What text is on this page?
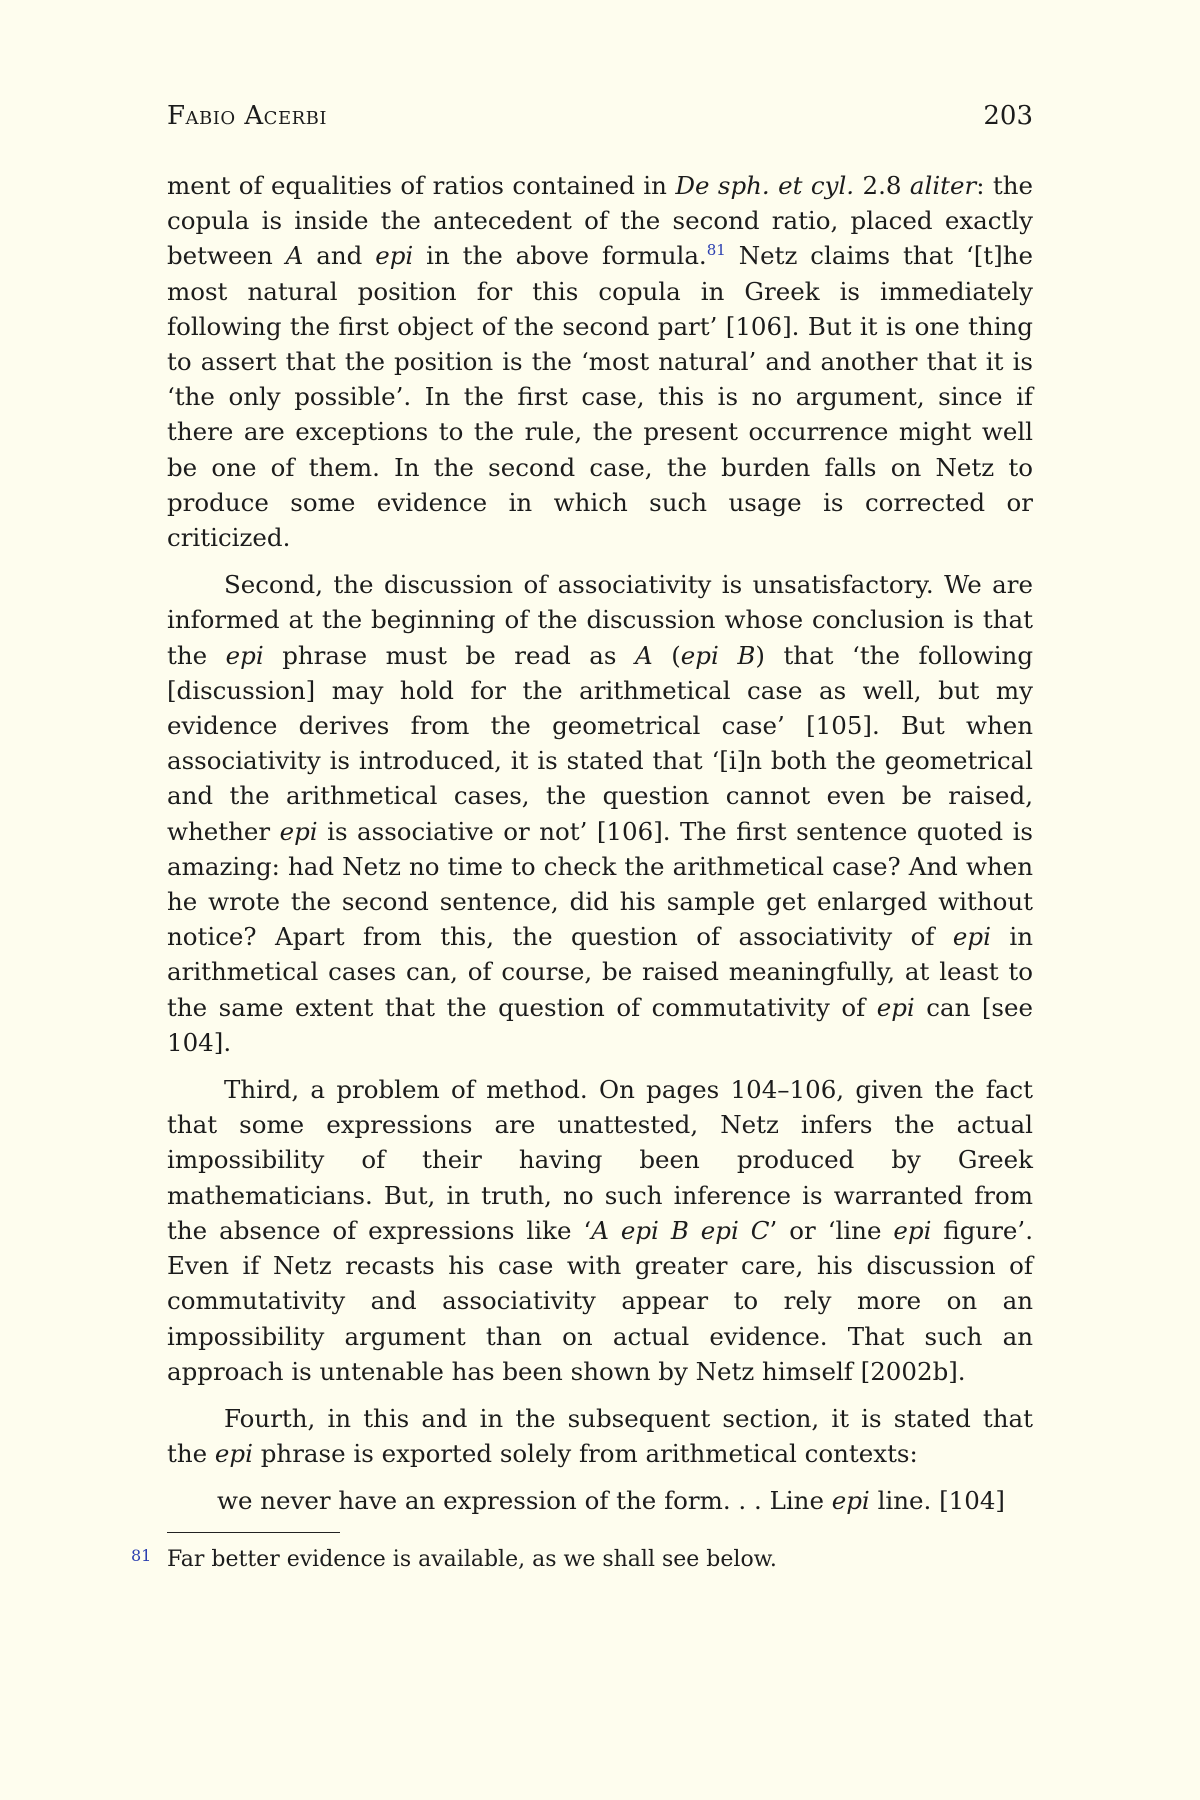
Fabio Acerbi	203

ment of equalities of ratios contained in De sph. et cyl. 2.8 aliter: the copula is inside the antecedent of the second ratio, placed exactly between A and epi in the above formula.$^{81}$ Netz claims that ‘[t]he most natural position for this copula in Greek is immediately following the first object of the second part’ [106]. But it is one thing to assert that the position is the ‘most natural’ and another that it is ‘the only possible’. In the first case, this is no argument, since if there are exceptions to the rule, the present occurrence might well be one of them. In the second case, the burden falls on Netz to produce some evidence in which such usage is corrected or criticized.

Second, the discussion of associativity is unsatisfactory. We are informed at the beginning of the discussion whose conclusion is that the epi phrase must be read as A (epi B) that ‘the following [discussion] may hold for the arithmetical case as well, but my evidence derives from the geometrical case’ [105]. But when associativity is introduced, it is stated that ‘[i]n both the geometrical and the arithmetical cases, the question cannot even be raised, whether epi is associative or not’ [106]. The first sentence quoted is amazing: had Netz no time to check the arithmetical case? And when he wrote the second sentence, did his sample get enlarged without notice? Apart from this, the question of associativity of epi in arithmetical cases can, of course, be raised meaningfully, at least to the same extent that the question of commutativity of epi can [see 104].

Third, a problem of method. On pages 104–106, given the fact that some expressions are unattested, Netz infers the actual impossibility of their having been produced by Greek mathematicians. But, in truth, no such inference is warranted from the absence of expressions like ‘A epi B epi C’ or ‘line epi figure’. Even if Netz recasts his case with greater care, his discussion of commutativity and associativity appear to rely more on an impossibility argument than on actual evidence. That such an approach is untenable has been shown by Netz himself [2002b].

Fourth, in this and in the subsequent section, it is stated that the epi phrase is exported solely from arithmetical contexts:

we never have an expression of the form. . . Line epi line. [104]

81 Far better evidence is available, as we shall see below.
